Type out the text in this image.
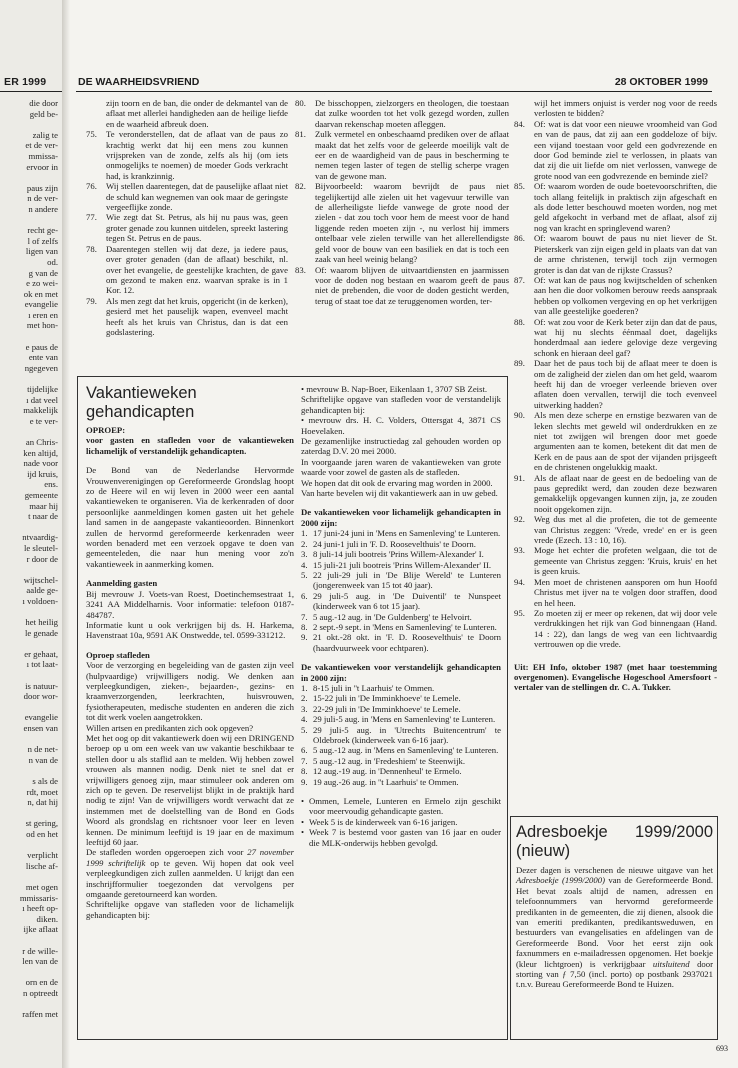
ER 1999
die door
geld be-
zalig te
et de ver-
mmissa-
ervoor in
paus zijn
n de ver-
n andere
recht ge-
l of zelfs
ligen van
od.
g van de
e zo wei-
ok en met
evangelie
ı eren en
met hon-
e paus de
ente van
ngegeven
tijdelijke
ı dat veel
makkelijk
e te ver-
an Chris-
ken altijd,
nade voor
ijd kruis,
ens.
gemeente
maar hij
t naar de
ntvaardig-
le sleutel-
r door de
wijtschel-
aalde ge-
ı voldoen-
het heilig
le genade
er gehaat,
ı tot laat-
is natuur-
door wor-
evangelie
ensen van
n de net-
n van de
s als de
rdt, moet
n, dat hij
st gering,
od en het
verplicht
lische af-
met ogen
mmissaris-
ı heeft op-
diken.
ijke aflaat
r de wille-
len van de
orn en de
n optreedt
raffen met
DE WAARHEIDSVRIEND	28 OKTOBER 1999
zijn toorn en de ban, die onder de dekmantel van de aflaat met allerlei handigheden aan de heilige liefde en de waarheid afbreuk doen.
75.	Te veronderstellen, dat de aflaat van de paus zo krachtig werkt dat hij een mens zou kunnen vrijspreken van de zonde, zelfs als hij (om iets onmogelijks te noemen) de moeder Gods verkracht had, is krankzinnig.
76.	Wij stellen daarentegen, dat de pauselijke aflaat niet de schuld kan wegnemen van ook maar de geringste vergeeflijke zonde.
77.	Wie zegt dat St. Petrus, als hij nu paus was, geen groter genade zou kunnen uitdelen, spreekt lastering tegen St. Petrus en de paus.
78.	Daarentegen stellen wij dat deze, ja iedere paus, over groter genaden (dan de aflaat) beschikt, nl. over het evangelie, de geestelijke krachten, de gave om gezond te maken enz. waarvan sprake is in 1 Kor. 12.
79.	Als men zegt dat het kruis, opgericht (in de kerken), gesierd met het pauselijk wapen, evenveel macht heeft als het kruis van Christus, dan is dat een godslastering.
80.	De bisschoppen, zielzorgers en theologen, die toestaan dat zulke woorden tot het volk gezegd worden, zullen daarvan rekenschap moeten afleggen.
81.	Zulk vermetel en onbeschaamd prediken over de aflaat maakt dat het zelfs voor de geleerde moeilijk valt de eer en de waardigheid van de paus in bescherming te nemen tegen laster of tegen de stellig scherpe vragen van de gewone man.
82.	Bijvoorbeeld: waarom bevrijdt de paus niet tegelijkertijd alle zielen uit het vagevuur terwille van de allerheiligste liefde vanwege de grote nood der zielen - dat zou toch voor hem de meest voor de hand liggende reden moeten zijn -, nu verlost hij immers ontelbaar vele zielen terwille van het allerellendigste geld voor de bouw van een basiliek en dat is toch een zaak van heel weinig belang?
83.	Of: waarom blijven de uitvaartdiensten en jaarmissen voor de doden nog bestaan en waarom geeft de paus niet de prebenden, die voor de doden gesticht werden, terug of staat toe dat ze teruggenomen worden, ter-
wijl het immers onjuist is verder nog voor de reeds verlosten te bidden?
84.	Of: wat is dat voor een nieuwe vroomheid van God en van de paus, dat zij aan een goddeloze of bijv. een vijand toestaan voor geld een godvrezende en door God beminde ziel te verlossen, in plaats van dat zij die uit liefde om niet verlossen, vanwege de grote nood van een godvrezende en beminde ziel?
85.	Of: waarom worden de oude boetevoorschriften, die toch allang feitelijk in praktisch zijn afgeschaft en als dode letter beschouwd moeten worden, nog met geld afgekocht in verband met de aflaat, alsof zij nog van kracht en springlevend waren?
86.	Of: waarom bouwt de paus nu niet liever de St. Pieterskerk van zijn eigen geld in plaats van dat van de arme christenen, terwijl toch zijn vermogen groter is dan dat van de rijkste Crassus?
87.	Of: wat kan de paus nog kwijtschelden of schenken aan hen die door volkomen berouw reeds aanspraak hebben op volkomen vergeving en op het verkrijgen van alle geestelijke goederen?
88.	Of: wat zou voor de Kerk beter zijn dan dat de paus, wat hij nu slechts éénmaal doet, dagelijks honderdmaal aan iedere gelovige deze vergeving schonk en hieraan deel gaf?
89.	Daar het de paus toch bij de aflaat meer te doen is om de zaligheid der zielen dan om het geld, waarom heeft hij dan de vroeger verleende brieven over aflaten doen vervallen, terwijl die toch evenveel uitwerking hadden?
90.	Als men deze scherpe en ernstige bezwaren van de leken slechts met geweld wil onderdrukken en ze niet tot zwijgen wil brengen door met goede argumenten aan te komen, betekent dit dat men de Kerk en de paus aan de spot der vijanden prijsgeeft en de christenen ongelukkig maakt.
91.	Als de aflaat naar de geest en de bedoeling van de paus gepredikt werd, dan zouden deze bezwaren gemakkelijk opgevangen kunnen zijn, ja, ze zouden nooit opgekomen zijn.
92.	Weg dus met al die profeten, die tot de gemeente van Christus zeggen: 'Vrede, vrede' en er is geen vrede (Ezech. 13 : 10, 16).
93.	Moge het echter die profeten welgaan, die tot de gemeente van Christus zeggen: 'Kruis, kruis' en het is geen kruis.
94.	Men moet de christenen aansporen om hun Hoofd Christus met ijver na te volgen door straffen, dood en hel heen.
95.	Zo moeten zij er meer op rekenen, dat wij door vele verdrukkingen het rijk van God binnengaan (Hand. 14 : 22), dan langs de weg van een lichtvaardig vertrouwen op die vrede.
Uit: EH Info, oktober 1987 (met haar toestemming overgenomen). Evangelische Hogeschool Amersfoort - vertaler van de stellingen dr. C. A. Tukker.
Vakantieweken gehandicapten
OPROEP:
voor gasten en stafleden voor de vakantieweken lichamelijk of verstandelijk gehandicapten.
De Bond van de Nederlandse Hervormde Vrouwenverenigingen op Gereformeerde Grondslag hoopt zo de Heere wil en wij leven in 2000 weer een aantal vakantieweken te organiseren. Via de kerkenraden of door persoonlijke aanmeldingen komen gasten uit het gehele land samen in de aangepaste vakantieoorden. Binnenkort zullen de hervormd gereformeerde kerkenraden weer worden benaderd met een verzoek opgave te doen van gemeenteleden, die naar hun mening voor zo'n vakantieweek in aanmerking komen.
Aanmelding gasten
Bij mevrouw J. Voets-van Roest, Doetinchemsestraat 1, 3241 AA Middelharnis. Voor informatie: telefoon 0187-484787.
Informatie kunt u ook verkrijgen bij ds. H. Harkema, Havenstraat 10a, 9591 AK Onstwedde, tel. 0599-331212.
Oproep stafleden
Voor de verzorging en begeleiding van de gasten zijn veel (hulpvaardige) vrijwilligers nodig. We denken aan verpleegkundigen, zieken-, bejaarden-, gezins- en kraamverzorgenden, leerkrachten, huisvrouwen, fysiotherapeuten, medische studenten en anderen die zich tot dit werk voelen aangetrokken.
Willen artsen en predikanten zich ook opgeven?
Met het oog op dit vakantiewerk doen wij een DRINGEND beroep op u om een week van uw vakantie beschikbaar te stellen door u als staflid aan te melden. Wij hebben zowel vrouwen als mannen nodig. Denk niet te snel dat er vrijwilligers genoeg zijn, maar stimuleer ook anderen om zich op te geven. De reservelijst blijkt in de praktijk hard nodig te zijn! Van de vrijwilligers wordt verwacht dat ze instemmen met de doelstelling van de Bond en Gods Woord als grondslag en richtsnoer voor leer en leven kennen. De minimum leeftijd is 19 jaar en de maximum leeftijd 60 jaar.
De stafleden worden opgeroepen zich voor 27 november 1999 schriftelijk op te geven. Wij hopen dat ook veel verpleegkundigen zich zullen aanmelden. U krijgt dan een inschrijfformulier toegezonden dat vervolgens per omgaande geretourneerd kan worden.
Schriftelijke opgave van stafleden voor de lichamelijk gehandicapten bij:
• mevrouw B. Nap-Boer, Eikenlaan 1, 3707 SB Zeist.
Schriftelijke opgave van stafleden voor de verstandelijk gehandicapten bij:
• mevrouw drs. H. C. Volders, Ottersgat 4, 3871 CS Hoevelaken.
De gezamenlijke instructiedag zal gehouden worden op zaterdag D.V. 20 mei 2000.
In voorgaande jaren waren de vakantieweken van grote waarde voor zowel de gasten als de stafleden.
We hopen dat dit ook de ervaring mag worden in 2000.
Van harte bevelen wij dit vakantiewerk aan in uw gebed.
De vakantieweken voor lichamelijk gehandicapten in 2000 zijn:
1. 17 juni-24 juni in 'Mens en Samenleving' te Lunteren.
2. 24 juni-1 juli in 'F. D. Roosevelthuis' te Doorn.
3. 8 juli-14 juli bootreis 'Prins Willem-Alexander' I.
4. 15 juli-21 juli bootreis 'Prins Willem-Alexander' II.
5. 22 juli-29 juli in 'De Blije Wereld' te Lunteren (jongerenweek van 15 tot 40 jaar).
6. 29 juli-5 aug. in 'De Duiventil' te Nunspeet (kinderweek van 6 tot 15 jaar).
7. 5 aug.-12 aug. in 'De Guldenberg' te Helvoirt.
8. 2 sept.-9 sept. in 'Mens en Samenleving' te Lunteren.
9. 21 okt.-28 okt. in 'F. D. Roosevelthuis' te Doorn (haardvuurweek voor echtparen).
De vakantieweken voor verstandelijk gehandicapten in 2000 zijn:
1. 8-15 juli in ''t Laarhuis' te Ommen.
2. 15-22 juli in 'De Imminkhoeve' te Lemele.
3. 22-29 juli in 'De Imminkhoeve' te Lemele.
4. 29 juli-5 aug. in 'Mens en Samenleving' te Lunteren.
5. 29 juli-5 aug. in 'Utrechts Buitencentrum' te Oldebroek (kinderweek van 6-16 jaar).
6. 5 aug.-12 aug. in 'Mens en Samenleving' te Lunteren.
7. 5 aug.-12 aug. in 'Fredeshiem' te Steenwijk.
8. 12 aug.-19 aug. in 'Dennenheul' te Ermelo.
9. 19 aug.-26 aug. in ''t Laarhuis' te Ommen.
• Ommen, Lemele, Lunteren en Ermelo zijn geschikt voor meervoudig gehandicapte gasten.
• Week 5 is de kinderweek van 6-16 jarigen.
• Week 7 is bestemd voor gasten van 16 jaar en ouder die MLK-onderwijs hebben gevolgd.
Adresboekje 1999/2000 (nieuw)
Dezer dagen is verschenen de nieuwe uitgave van het Adresboekje (1999/2000) van de Gereformeerde Bond. Het bevat zoals altijd de namen, adressen en telefoonnummers van hervormd gereformeerde predikanten in de gemeenten, die zij dienen, alsook die van emeriti predikanten, predikantsweduwen, en bestuurders van evangelisaties en afdelingen van de Gereformeerde Bond. Voor het eerst zijn ook faxnummers en e-mailadressen opgenomen. Het boekje (kleur lichtgroen) is verkrijgbaar uitsluitend door storting van ƒ 7,50 (incl. porto) op postbank 2937021 t.n.v. Bureau Gereformeerde Bond te Huizen.
693
